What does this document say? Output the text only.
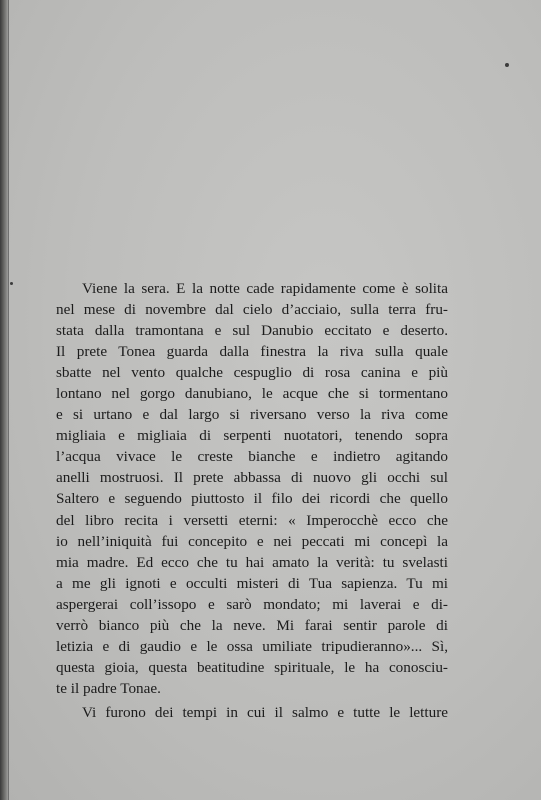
Viene la sera. E la notte cade rapidamente come è solita
nel mese di novembre dal cielo d’acciaio, sulla terra fru-
stata dalla tramontana e sul Danubio eccitato e deserto.
Il prete Tonea guarda dalla finestra la riva sulla quale
sbatte nel vento qualche cespuglio di rosa canina e più
lontano nel gorgo danubiano, le acque che si tormentano
e si urtano e dal largo si riversano verso la riva come
migliaia e migliaia di serpenti nuotatori, tenendo sopra
l’acqua vivace le creste bianche e indietro agitando
anelli mostruosi. Il prete abbassa di nuovo gli occhi sul
Saltero e seguendo piuttosto il filo dei ricordi che quello
del libro recita i versetti eterni: « Imperocchè ecco che
io nell’iniquità fui concepito e nei peccati mi concepì la
mia madre. Ed ecco che tu hai amato la verità: tu svelasti
a me gli ignoti e occulti misteri di Tua sapienza. Tu mi
aspergerai coll’issopo e sarò mondato; mi laverai e di-
verrò bianco più che la neve. Mi farai sentir parole di
letizia e di gaudio e le ossa umiliate tripudieranno»... Sì,
questa gioia, questa beatitudine spirituale, le ha conosciu-
te il padre Tonae.
Vi furono dei tempi in cui il salmo e tutte le letture
